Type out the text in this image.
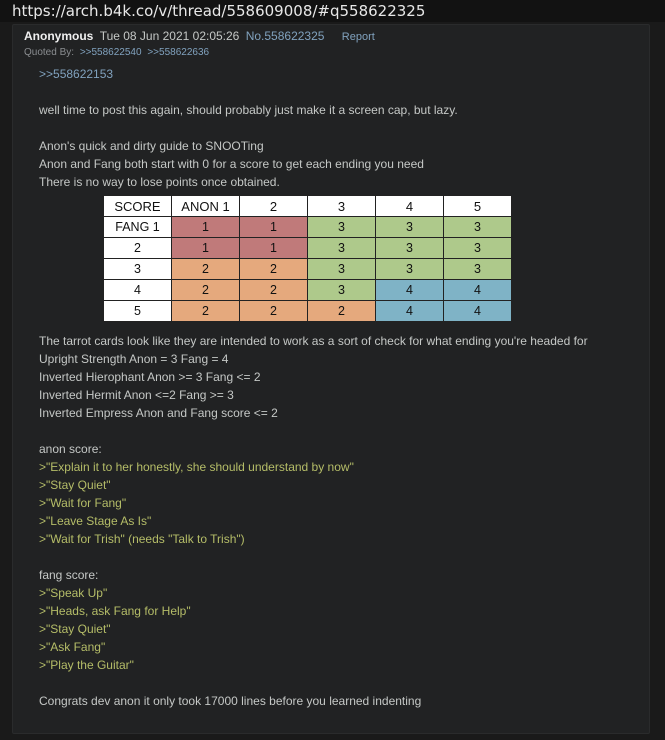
https://arch.b4k.co/v/thread/558609008/#q558622325
Anonymous Tue 08 Jun 2021 02:05:26 No.558622325 Report
Quoted By: >>558622540 >>558622636
>>558622153
well time to post this again, should probably just make it a screen cap, but lazy.
Anon's quick and dirty guide to SNOOTing
Anon and Fang both start with 0 for a score to get each ending you need
There is no way to lose points once obtained.
SCORE	ANON 1	2	3	4	5
FANG 1	1	1	3	3	3
2	1	1	3	3	3
3	2	2	3	3	3
4	2	2	3	4	4
5	2	2	2	4	4
The tarrot cards look like they are intended to work as a sort of check for what ending you're headed for
Upright Strength Anon = 3 Fang = 4
Inverted Hierophant Anon >= 3 Fang <= 2
Inverted Hermit Anon <=2 Fang >= 3
Inverted Empress Anon and Fang score <= 2
anon score:
>"Explain it to her honestly, she should understand by now"
>"Stay Quiet"
>"Wait for Fang"
>"Leave Stage As Is"
>"Wait for Trish" (needs "Talk to Trish")
fang score:
>"Speak Up"
>"Heads, ask Fang for Help"
>"Stay Quiet"
>"Ask Fang"
>"Play the Guitar"
Congrats dev anon it only took 17000 lines before you learned indenting
